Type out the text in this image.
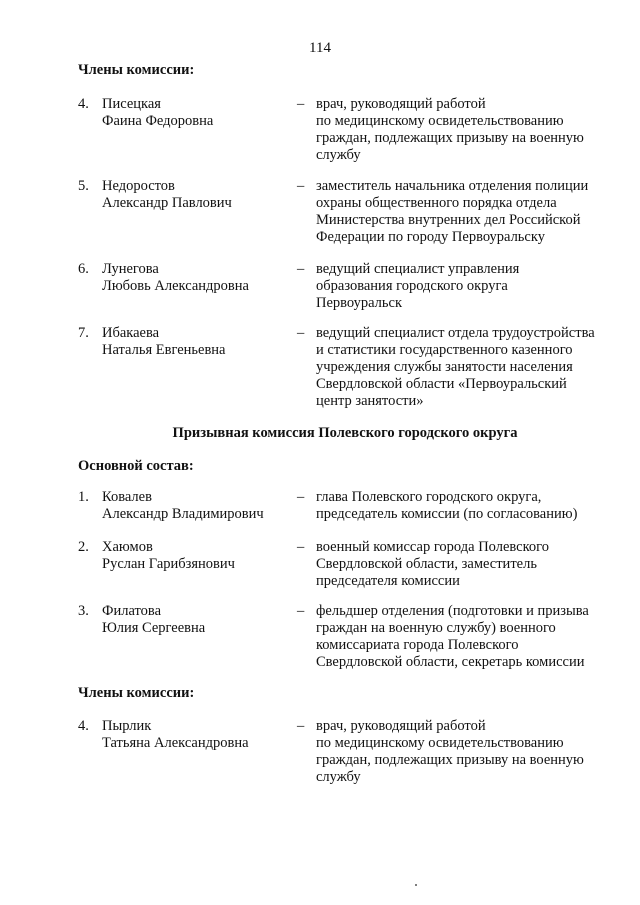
114
Члены комиссии:
4. Писецкая
Фаина Федоровна
– врач, руководящий работой
по медицинскому освидетельствованию
граждан, подлежащих призыву на военную
службу
5. Недоростов
Александр Павлович
– заместитель начальника отделения полиции
охраны общественного порядка отдела
Министерства внутренних дел Российской
Федерации по городу Первоуральску
6. Лунегова
Любовь Александровна
– ведущий специалист управления
образования городского округа
Первоуральск
7. Ибакаева
Наталья Евгеньевна
– ведущий специалист отдела трудоустройства
и статистики государственного казенного
учреждения службы занятости населения
Свердловской области «Первоуральский
центр занятости»
Призывная комиссия Полевского городского округа
Основной состав:
1. Ковалев
Александр Владимирович
– глава Полевского городского округа,
председатель комиссии (по согласованию)
2. Хаюмов
Руслан Гарибзянович
– военный комиссар города Полевского
Свердловской области, заместитель
председателя комиссии
3. Филатова
Юлия Сергеевна
– фельдшер отделения (подготовки и призыва
граждан на военную службу) военного
комиссариата города Полевского
Свердловской области, секретарь комиссии
Члены комиссии:
4. Пырлик
Татьяна Александровна
– врач, руководящий работой
по медицинскому освидетельствованию
граждан, подлежащих призыву на военную
службу
